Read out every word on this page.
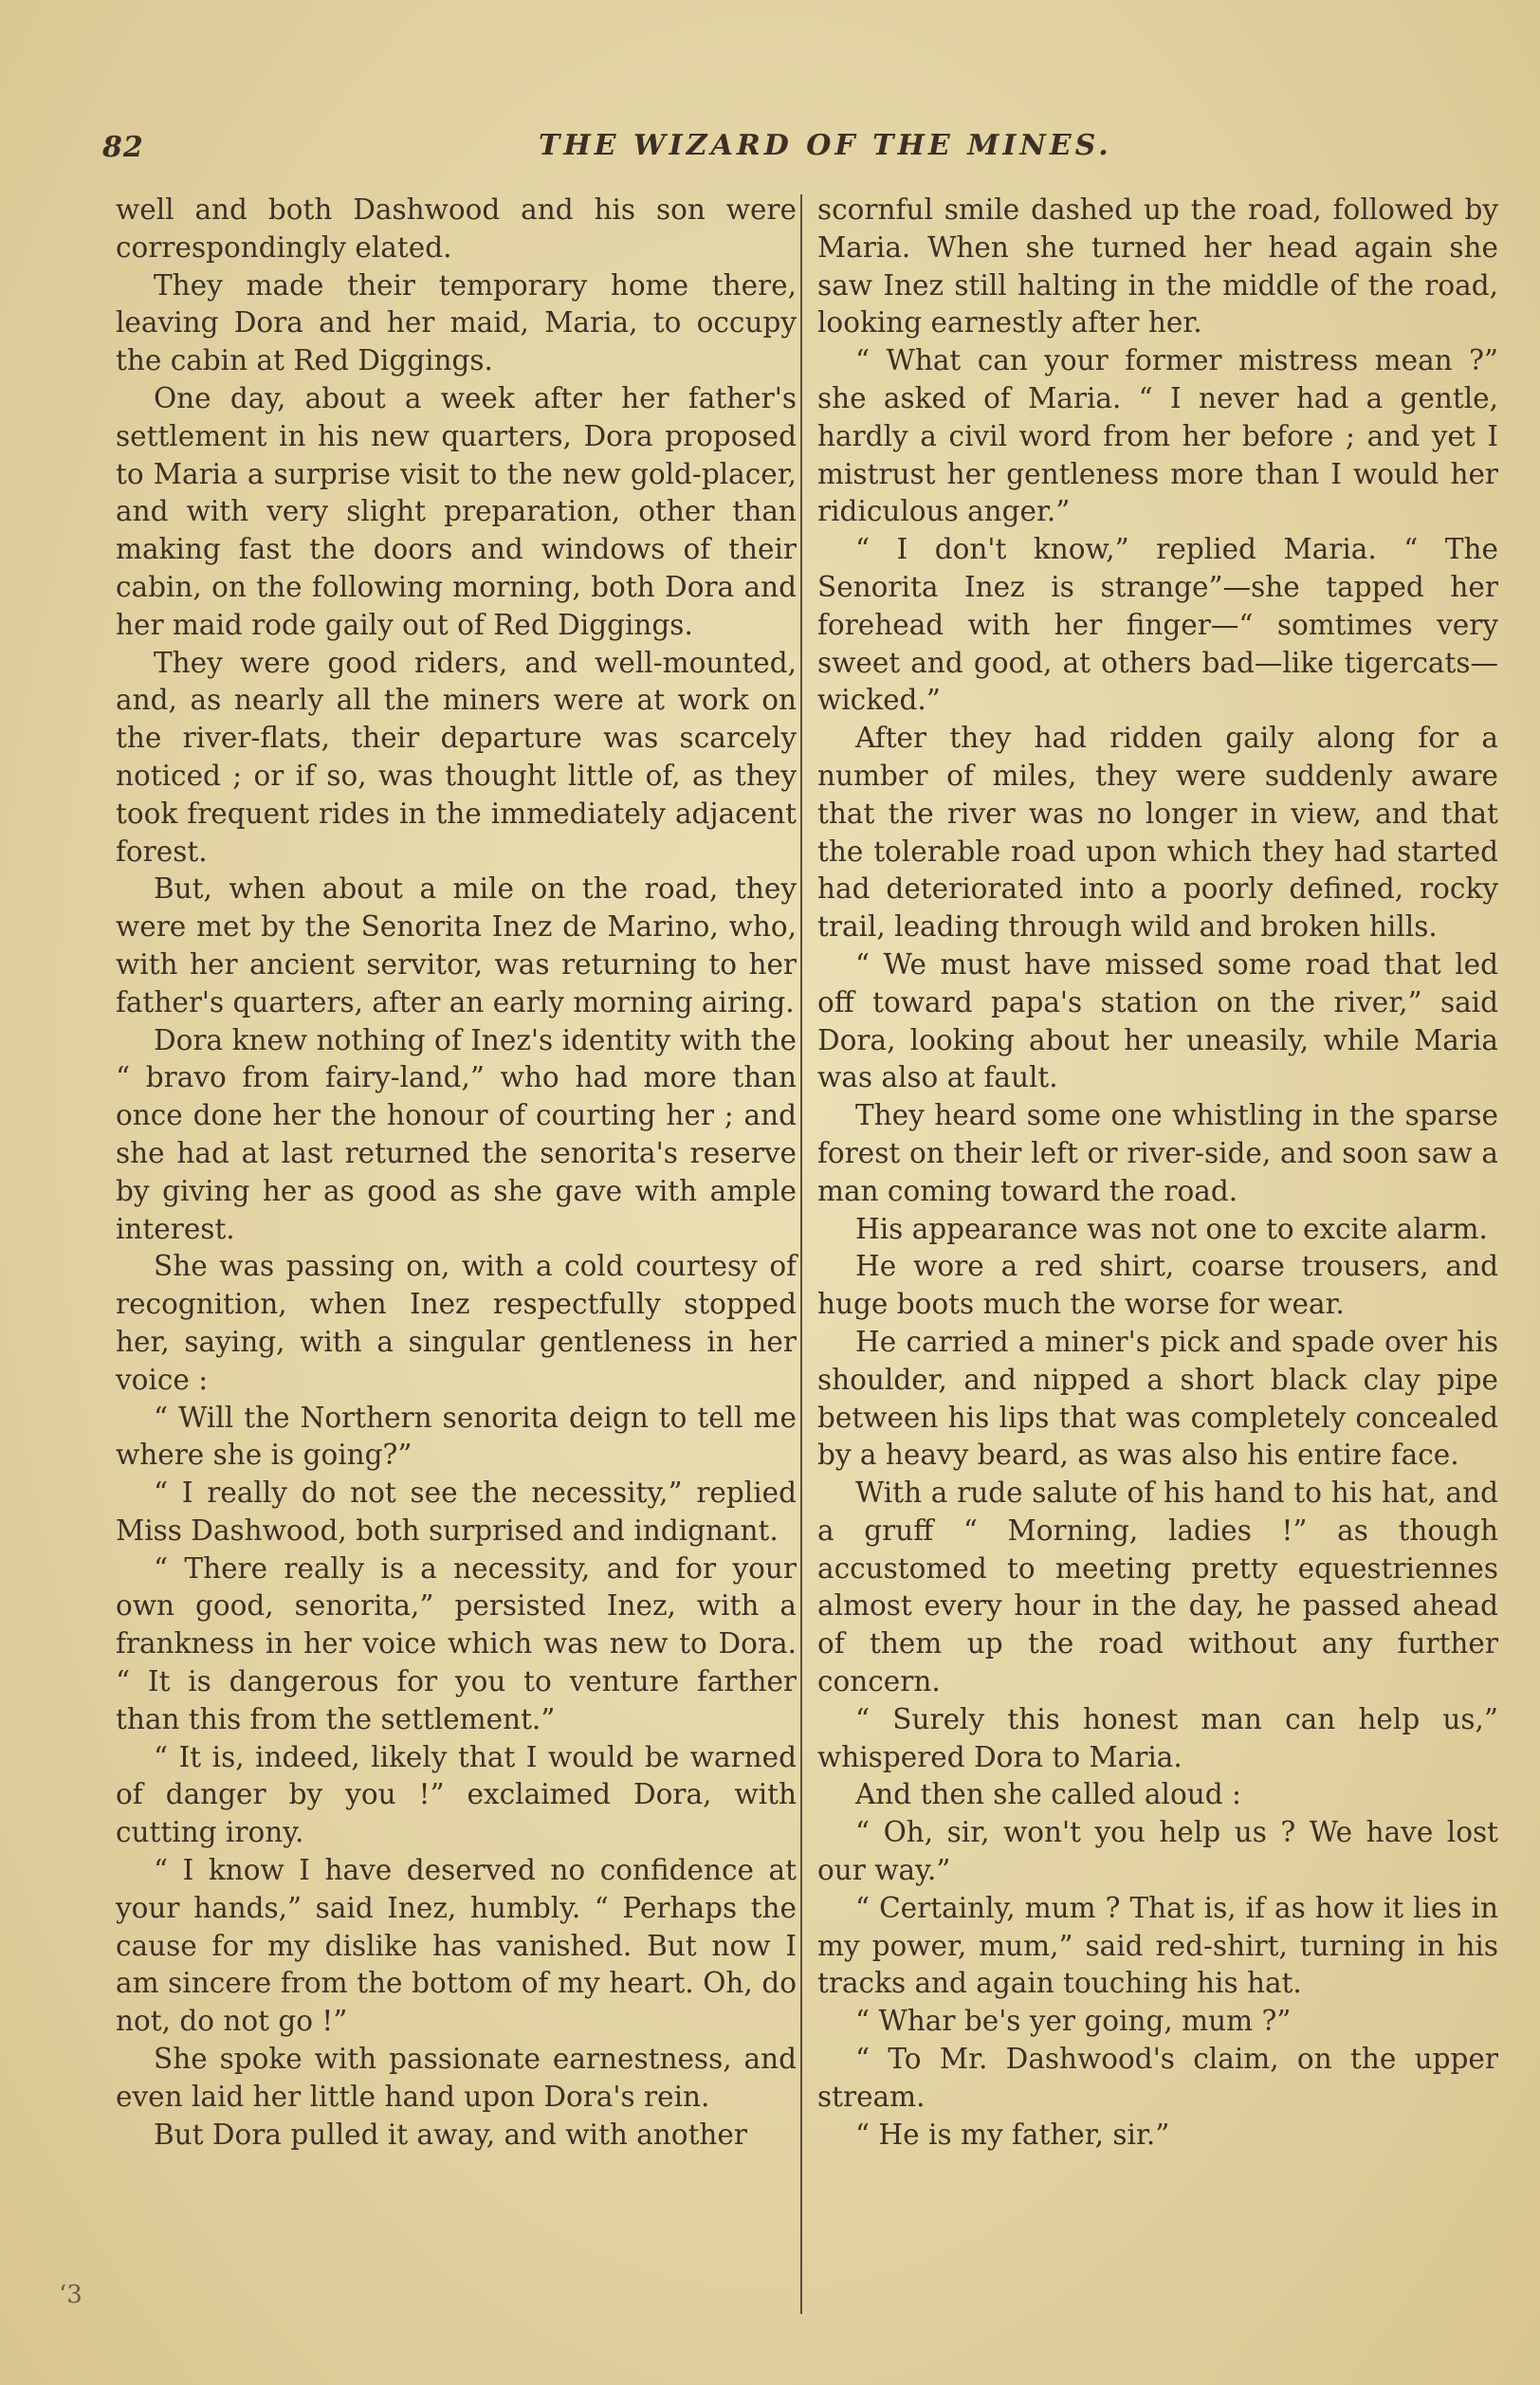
82	THE WIZARD OF THE MINES.

well and both Dashwood and his son were correspondingly elated.

They made their temporary home there, leaving Dora and her maid, Maria, to occupy the cabin at Red Diggings.

One day, about a week after her father's settlement in his new quarters, Dora proposed to Maria a surprise visit to the new gold-placer, and with very slight preparation, other than making fast the doors and windows of their cabin, on the following morning, both Dora and her maid rode gaily out of Red Diggings.

They were good riders, and well-mounted, and, as nearly all the miners were at work on the river-flats, their departure was scarcely noticed ; or if so, was thought little of, as they took frequent rides in the immediately adjacent forest.

But, when about a mile on the road, they were met by the Senorita Inez de Marino, who, with her ancient servitor, was returning to her father's quarters, after an early morning airing.

Dora knew nothing of Inez's identity with the “ bravo from fairy-land,” who had more than once done her the honour of courting her ; and she had at last returned the senorita's reserve by giving her as good as she gave with ample interest.

She was passing on, with a cold courtesy of recognition, when Inez respectfully stopped her, saying, with a singular gentleness in her voice :

“ Will the Northern senorita deign to tell me where she is going?”

“ I really do not see the necessity,” replied Miss Dashwood, both surprised and indignant.

“ There really is a necessity, and for your own good, senorita,” persisted Inez, with a frankness in her voice which was new to Dora. “ It is dangerous for you to venture farther than this from the settlement.”

“ It is, indeed, likely that I would be warned of danger by you !” exclaimed Dora, with cutting irony.

“ I know I have deserved no confidence at your hands,” said Inez, humbly. “ Perhaps the cause for my dislike has vanished. But now I am sincere from the bottom of my heart. Oh, do not, do not go !”

She spoke with passionate earnestness, and even laid her little hand upon Dora's rein.

But Dora pulled it away, and with another

scornful smile dashed up the road, followed by Maria. When she turned her head again she saw Inez still halting in the middle of the road, looking earnestly after her.

“ What can your former mistress mean ?” she asked of Maria. “ I never had a gentle, hardly a civil word from her before ; and yet I mistrust her gentleness more than I would her ridiculous anger.”

“ I don't know,” replied Maria. “ The Senorita Inez is strange”—she tapped her forehead with her finger—“ somtimes very sweet and good, at others bad—like tigercats—wicked.”

After they had ridden gaily along for a number of miles, they were suddenly aware that the river was no longer in view, and that the tolerable road upon which they had started had deteriorated into a poorly defined, rocky trail, leading through wild and broken hills.

“ We must have missed some road that led off toward papa's station on the river,” said Dora, looking about her uneasily, while Maria was also at fault.

They heard some one whistling in the sparse forest on their left or river-side, and soon saw a man coming toward the road.

His appearance was not one to excite alarm.

He wore a red shirt, coarse trousers, and huge boots much the worse for wear.

He carried a miner's pick and spade over his shoulder, and nipped a short black clay pipe between his lips that was completely concealed by a heavy beard, as was also his entire face.

With a rude salute of his hand to his hat, and a gruff “ Morning, ladies !” as though accustomed to meeting pretty equestriennes almost every hour in the day, he passed ahead of them up the road without any further concern.

“ Surely this honest man can help us,” whispered Dora to Maria.

And then she called aloud :

“ Oh, sir, won't you help us ? We have lost our way.”

“ Certainly, mum ? That is, if as how it lies in my power, mum,” said red-shirt, turning in his tracks and again touching his hat.

“ Whar be's yer going, mum ?”

“ To Mr. Dashwood's claim, on the upper stream.

“ He is my father, sir.”

‘3
